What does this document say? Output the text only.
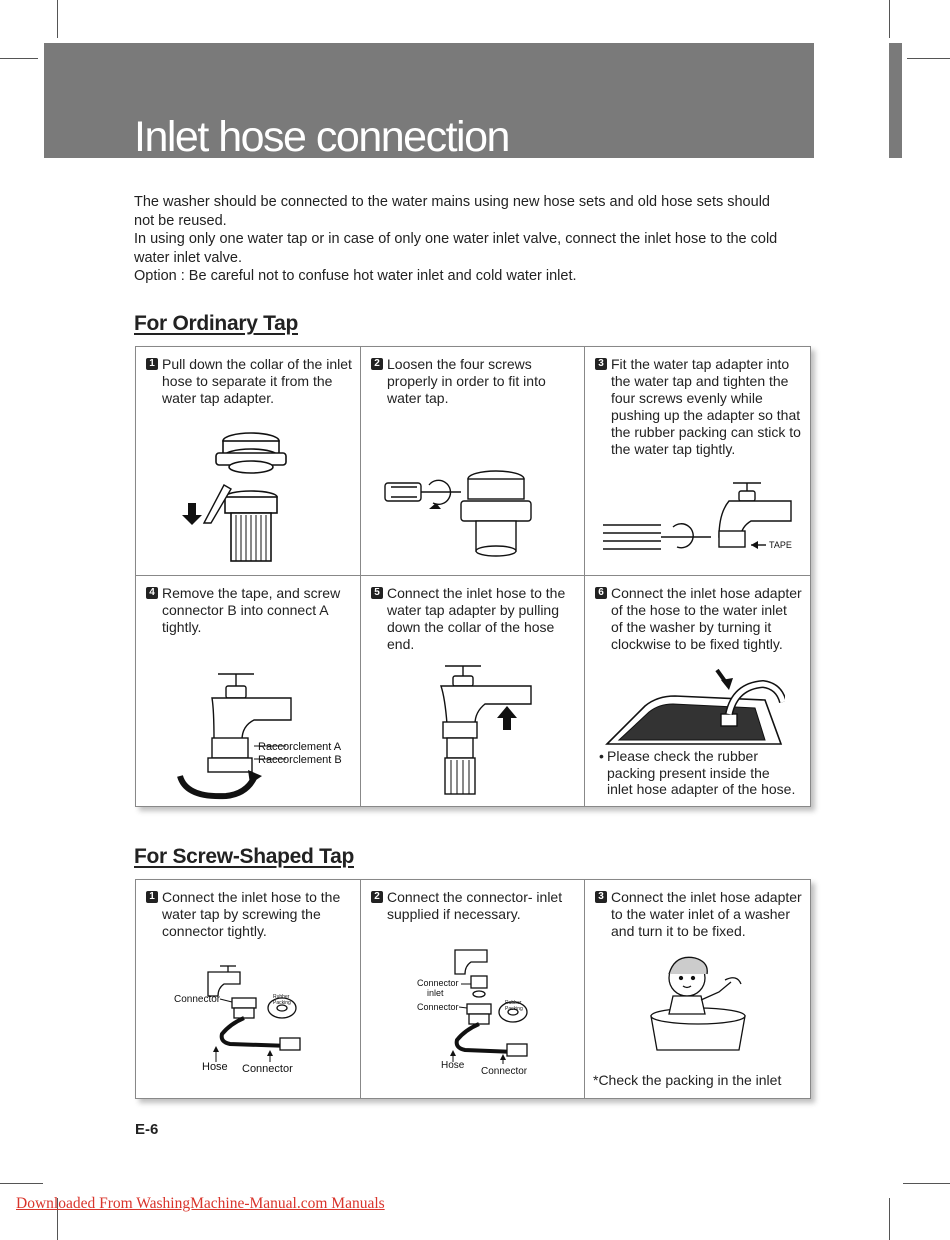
Inlet hose connection

The washer should be connected to the water mains using new hose sets and old hose sets should not be reused.

In using only one water tap or in case of only one water inlet valve, connect the inlet hose to the cold water inlet valve.

Option : Be careful not to confuse hot water inlet and cold water inlet.

For Ordinary Tap
1 Pull down the collar of the inlet hose to separate it from the water tap adapter.
2 Loosen the four screws properly in order to fit into water tap.
3 Fit the water tap adapter into the water tap and tighten the four screws evenly while pushing up the adapter so that the rubber packing can stick to the water tap tightly.
TAPE
4 Remove the tape, and screw connector B into connect A tightly.
Raccorclement A
Raccorclement B
5 Connect the inlet hose to the water tap adapter by pulling down the collar of the hose end.
6 Connect the inlet hose adapter of the hose to the water inlet of the washer by turning it clockwise to be fixed tightly.
• Please check the rubber packing present inside the inlet hose adapter of the hose.
For Screw-Shaped Tap
1 Connect the inlet hose to the water tap by screwing the connector tightly.
Connector	Rubber
Packing
Hose Connector
2 Connect the connector- inlet supplied if necessary.
Connector
inlet
Connector	Rubber
Packing
Hose
Connector
3 Connect the inlet hose adapter to the water inlet of a washer and turn it to be fixed.
*Check the packing in the inlet
E-6
Downloaded From WashingMachine-Manual.com Manuals
